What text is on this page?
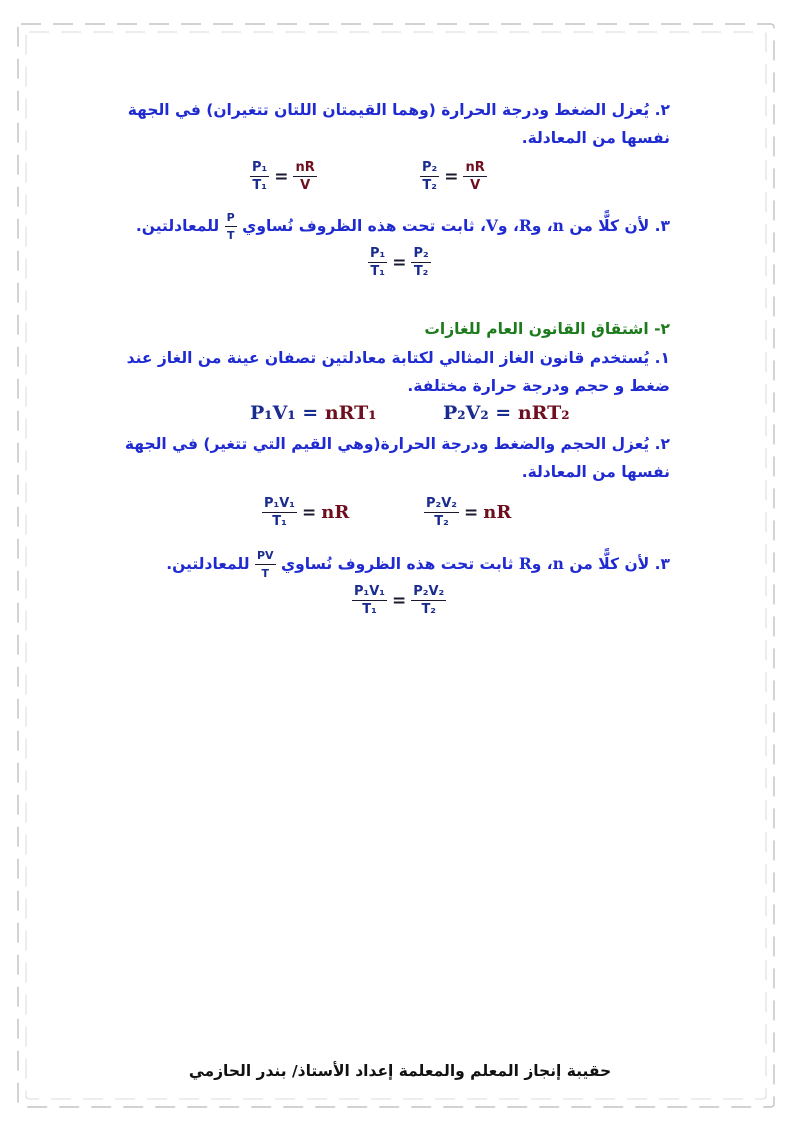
٢. يُعزل الضغط ودرجة الحرارة (وهما القيمتان اللتان تتغيران) في الجهة نفسها من المعادلة.
$\frac{\text{P₁}}{\text{T₁}} = \frac{nR}{V}$	$\frac{\text{P₂}}{\text{T₂}} = \frac{nR}{V}$
٣. لأن كلًّا من n، وR، وV، ثابت تحت هذه الظروف نُساوي
$\frac{P}{T}$
للمعادلتين.
$\frac{\text{P₁}}{\text{T₁}} = \frac{\text{P₂}}{\text{T₂}}$
٢- اشتقاق القانون العام للغازات
١. يُستخدم قانون الغاز المثالي لكتابة معادلتين تصفان عينة من الغاز عند ضغط و حجم ودرجة حرارة مختلفة.
P₁V₁ = nRT₁	P₂V₂ = nRT₂
٢. يُعزل الحجم والضغط ودرجة الحرارة(وهي القيم التي تتغير) في الجهة نفسها من المعادلة.
$\frac{\text{P₁V₁}}{\text{T₁}}$ = nR	$\frac{\text{P₂V₂}}{\text{T₂}}$ = nR
٣. لأن كلًّا من n، وR ثابت تحت هذه الظروف نُساوي
$\frac{PV}{T}$
للمعادلتين.
$\frac{\text{P₁V₁}}{\text{T₁}} = \frac{\text{P₂V₂}}{\text{T₂}}$
حقيبة إنجاز المعلم والمعلمة إعداد الأستاذ/ بندر الحازمي
